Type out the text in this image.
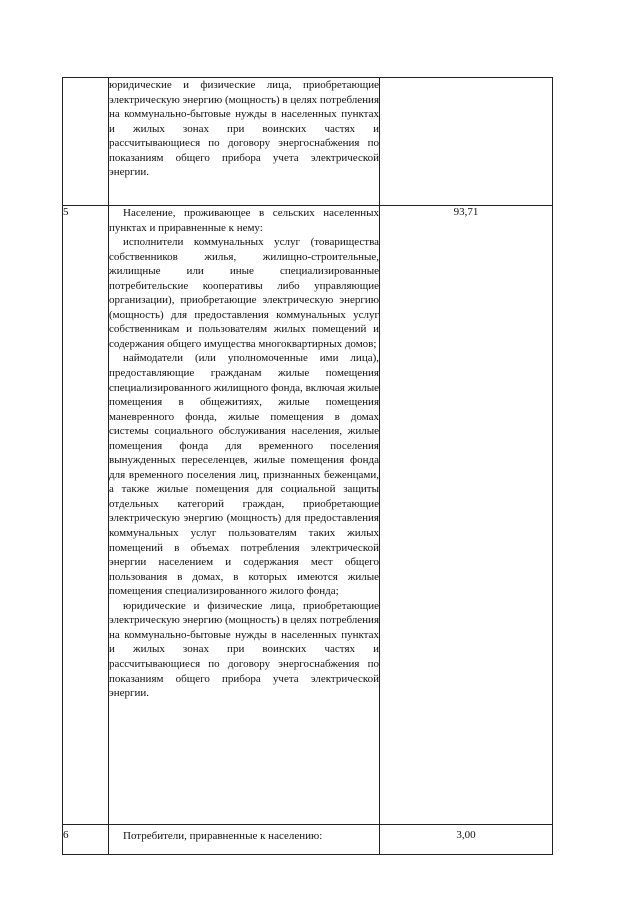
	юридические и физические лица, приобретающие электрическую энергию (мощность) в целях потребления на коммунально-бытовые нужды в населенных пунктах и жилых зонах при воинских частях и рассчитывающиеся по договору энергоснабжения по показаниям общего прибора учета электрической энергии.	

5	Население, проживающее в сельских населенных пунктах и приравненные к нему:

исполнители коммунальных услуг (товарищества собственников жилья, жилищно-строительные, жилищные или иные специализированные потребительские кооперативы либо управляющие организации), приобретающие электрическую энергию (мощность) для предоставления коммунальных услуг собственникам и пользователям жилых помещений и содержания общего имущества многоквартирных домов;

наймодатели (или уполномоченные ими лица), предоставляющие гражданам жилые помещения специализированного жилищного фонда, включая жилые помещения в общежитиях, жилые помещения маневренного фонда, жилые помещения в домах системы социального обслуживания населения, жилые помещения фонда для временного поселения вынужденных переселенцев, жилые помещения фонда для временного поселения лиц, признанных беженцами, а также жилые помещения для социальной защиты отдельных категорий граждан, приобретающие электрическую энергию (мощность) для предоставления коммунальных услуг пользователям таких жилых помещений в объемах потребления электрической энергии населением и содержания мест общего пользования в домах, в которых имеются жилые помещения специализированного жилого фонда;

юридические и физические лица, приобретающие электрическую энергию (мощность) в целях потребления на коммунально-бытовые нужды в населенных пунктах и жилых зонах при воинских частях и рассчитывающиеся по договору энергоснабжения по показаниям общего прибора учета электрической энергии.	93,71
6	Потребители, приравненные к населению:	3,00
